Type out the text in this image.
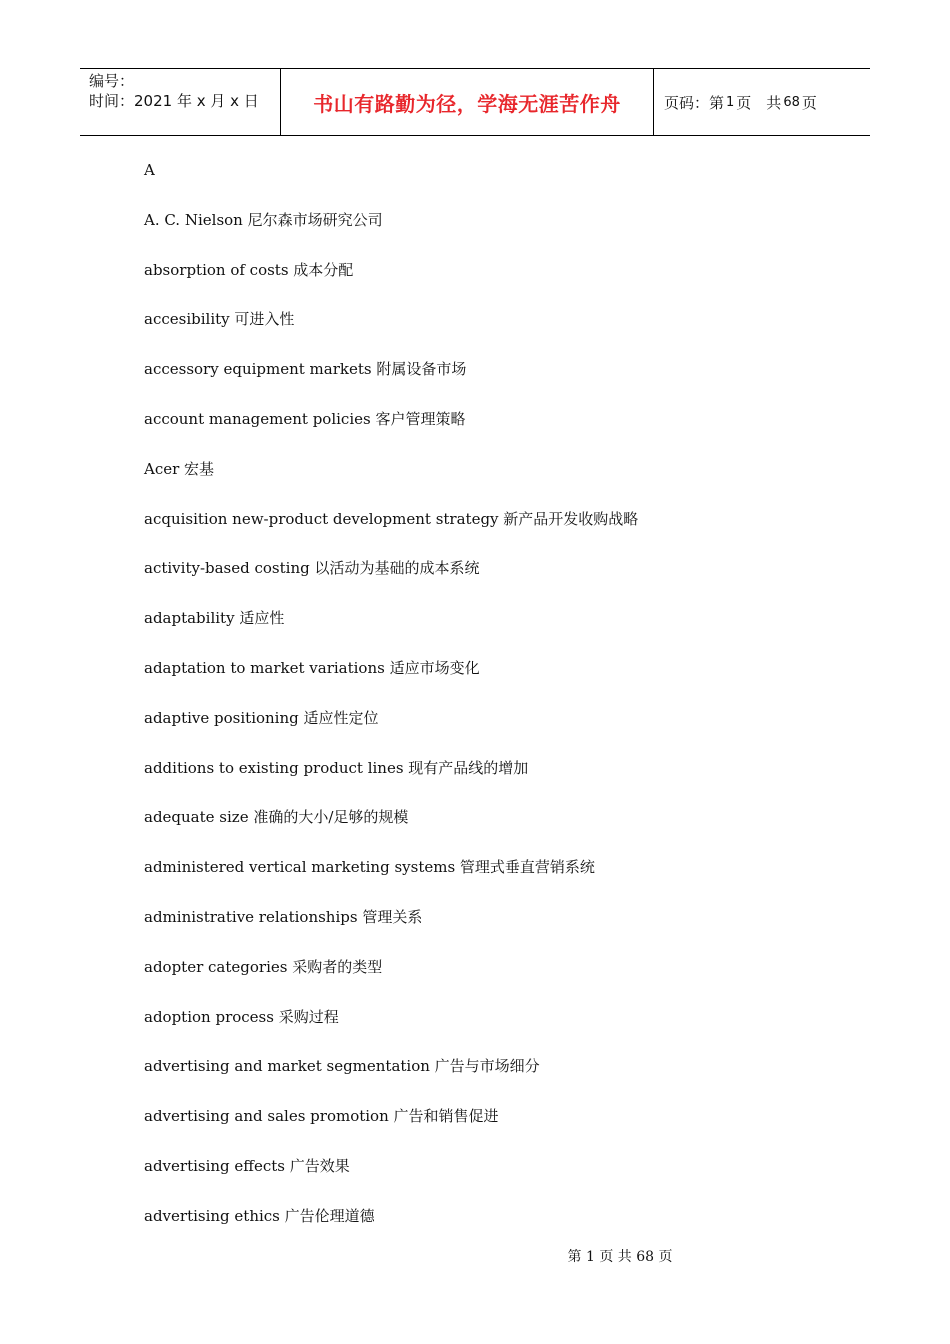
编号：
时间：2021 年 x 月 x 日	书山有路勤为径，学海无涯苦作舟	页码：第 1 页　共 68 页
A
A. C. Nielson 尼尔森市场研究公司
absorption of costs 成本分配
accesibility 可进入性
accessory equipment markets 附属设备市场
account management policies 客户管理策略
Acer 宏基
acquisition new-product development strategy 新产品开发收购战略
activity-based costing 以活动为基础的成本系统
adaptability 适应性
adaptation to market variations 适应市场变化
adaptive positioning 适应性定位
additions to existing product lines 现有产品线的增加
adequate size 准确的大小/足够的规模
administered vertical marketing systems 管理式垂直营销系统
administrative relationships 管理关系
adopter categories 采购者的类型
adoption process 采购过程
advertising and market segmentation 广告与市场细分
advertising and sales promotion 广告和销售促进
advertising effects 广告效果
advertising ethics 广告伦理道德
第 1 页 共 68 页
